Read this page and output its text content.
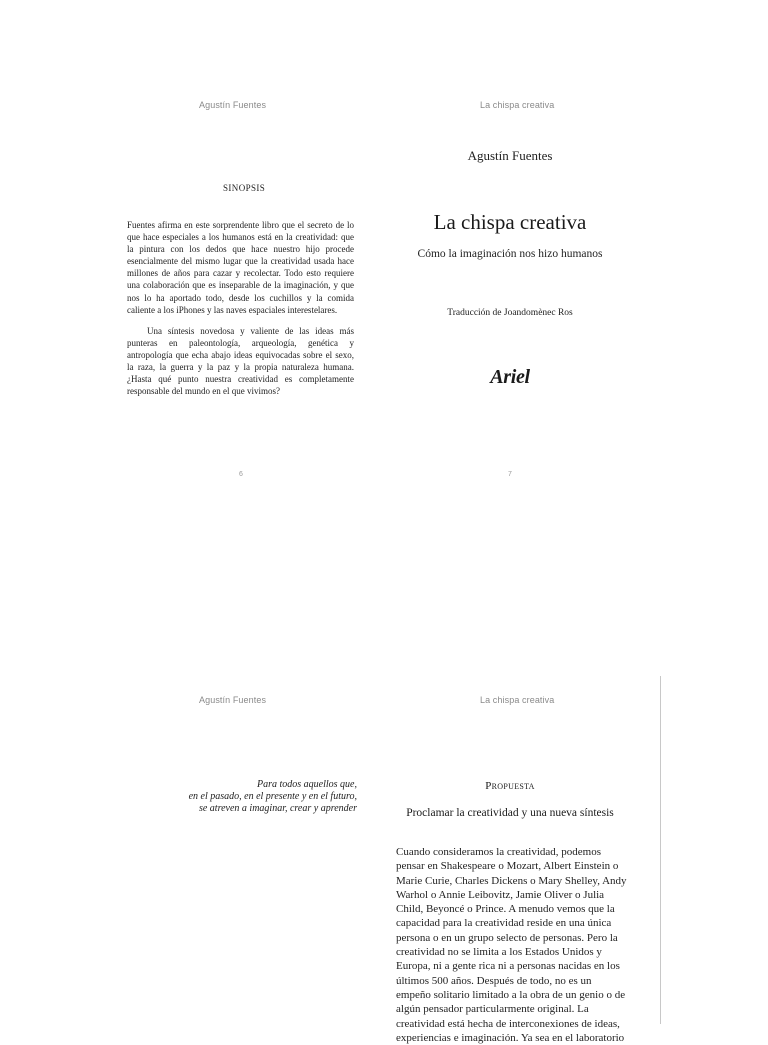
Agustín Fuentes
SINOPSIS

Fuentes afirma en este sorprendente libro que el secreto de lo que hace especiales a los humanos está en la creatividad: que la pintura con los dedos que hace nuestro hijo procede esencialmente del mismo lugar que la creatividad usada hace millones de años para cazar y recolectar. Todo esto requiere una colaboración que es inseparable de la imaginación, y que nos lo ha aportado todo, desde los cuchillos y la comida caliente a los iPhones y las naves espaciales interestelares.

Una síntesis novedosa y valiente de las ideas más punteras en paleontología, arqueología, genética y antropología que echa abajo ideas equivocadas sobre el sexo, la raza, la guerra y la paz y la propia naturaleza humana. ¿Hasta qué punto nuestra creatividad es completamente responsable del mundo en el que vivimos?

6
La chispa creativa
Agustín Fuentes
La chispa creativa
Cómo la imaginación nos hizo humanos
Traducción de Joandomènec Ros
Ariel
7
Agustín Fuentes
Para todos aquellos que,
en el pasado, en el presente y en el futuro,
se atreven a imaginar, crear y aprender
La chispa creativa
Propuesta
Proclamar la creatividad y una nueva síntesis

Cuando consideramos la creatividad, podemos pensar en Shakespeare o Mozart, Albert Einstein o Marie Curie, Charles Dickens o Mary Shelley, Andy Warhol o Annie Leibovitz, Jamie Oliver o Julia Child, Beyoncé o Prince. A menudo vemos que la capacidad para la creatividad reside en una única persona o en un grupo selecto de personas. Pero la creatividad no se limita a los Estados Unidos y Europa, ni a gente rica ni a personas nacidas en los últimos 500 años. Después de todo, no es un empeño solitario limitado a la obra de un genio o de algún pensador particularmente original. La creatividad está hecha de interconexiones de ideas, experiencias e imaginación. Ya sea en el laboratorio
